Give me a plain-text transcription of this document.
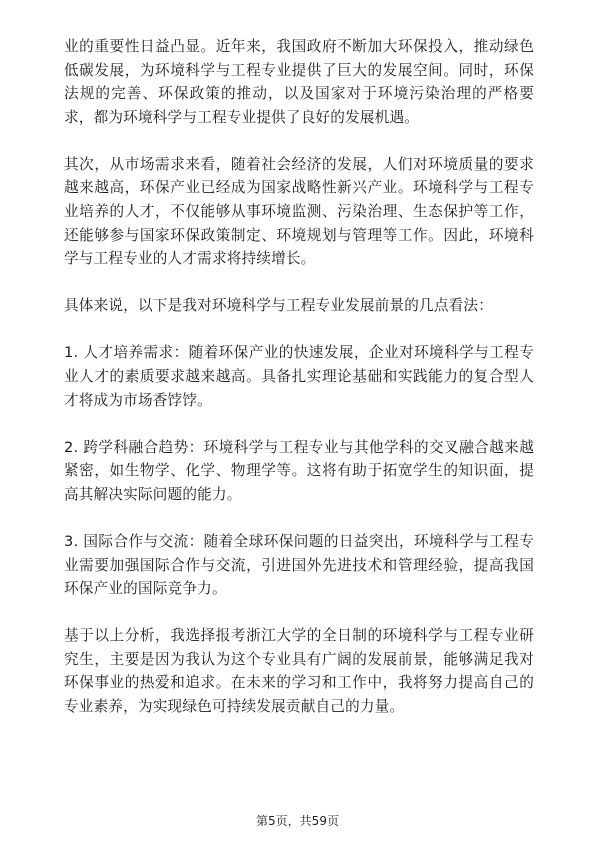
业的重要性日益凸显。近年来，我国政府不断加大环保投入，推动绿色低碳发展，为环境科学与工程专业提供了巨大的发展空间。同时，环保法规的完善、环保政策的推动，以及国家对于环境污染治理的严格要求，都为环境科学与工程专业提供了良好的发展机遇。

其次，从市场需求来看，随着社会经济的发展，人们对环境质量的要求越来越高，环保产业已经成为国家战略性新兴产业。环境科学与工程专业培养的人才，不仅能够从事环境监测、污染治理、生态保护等工作，还能够参与国家环保政策制定、环境规划与管理等工作。因此，环境科学与工程专业的人才需求将持续增长。

具体来说，以下是我对环境科学与工程专业发展前景的几点看法：

1. 人才培养需求：随着环保产业的快速发展，企业对环境科学与工程专业人才的素质要求越来越高。具备扎实理论基础和实践能力的复合型人才将成为市场香饽饽。

2. 跨学科融合趋势：环境科学与工程专业与其他学科的交叉融合越来越紧密，如生物学、化学、物理学等。这将有助于拓宽学生的知识面，提高其解决实际问题的能力。

3. 国际合作与交流：随着全球环保问题的日益突出，环境科学与工程专业需要加强国际合作与交流，引进国外先进技术和管理经验，提高我国环保产业的国际竞争力。

基于以上分析，我选择报考浙江大学的全日制的环境科学与工程专业研究生，主要是因为我认为这个专业具有广阔的发展前景，能够满足我对环保事业的热爱和追求。在未来的学习和工作中，我将努力提高自己的专业素养，为实现绿色可持续发展贡献自己的力量。

第5页，共59页
